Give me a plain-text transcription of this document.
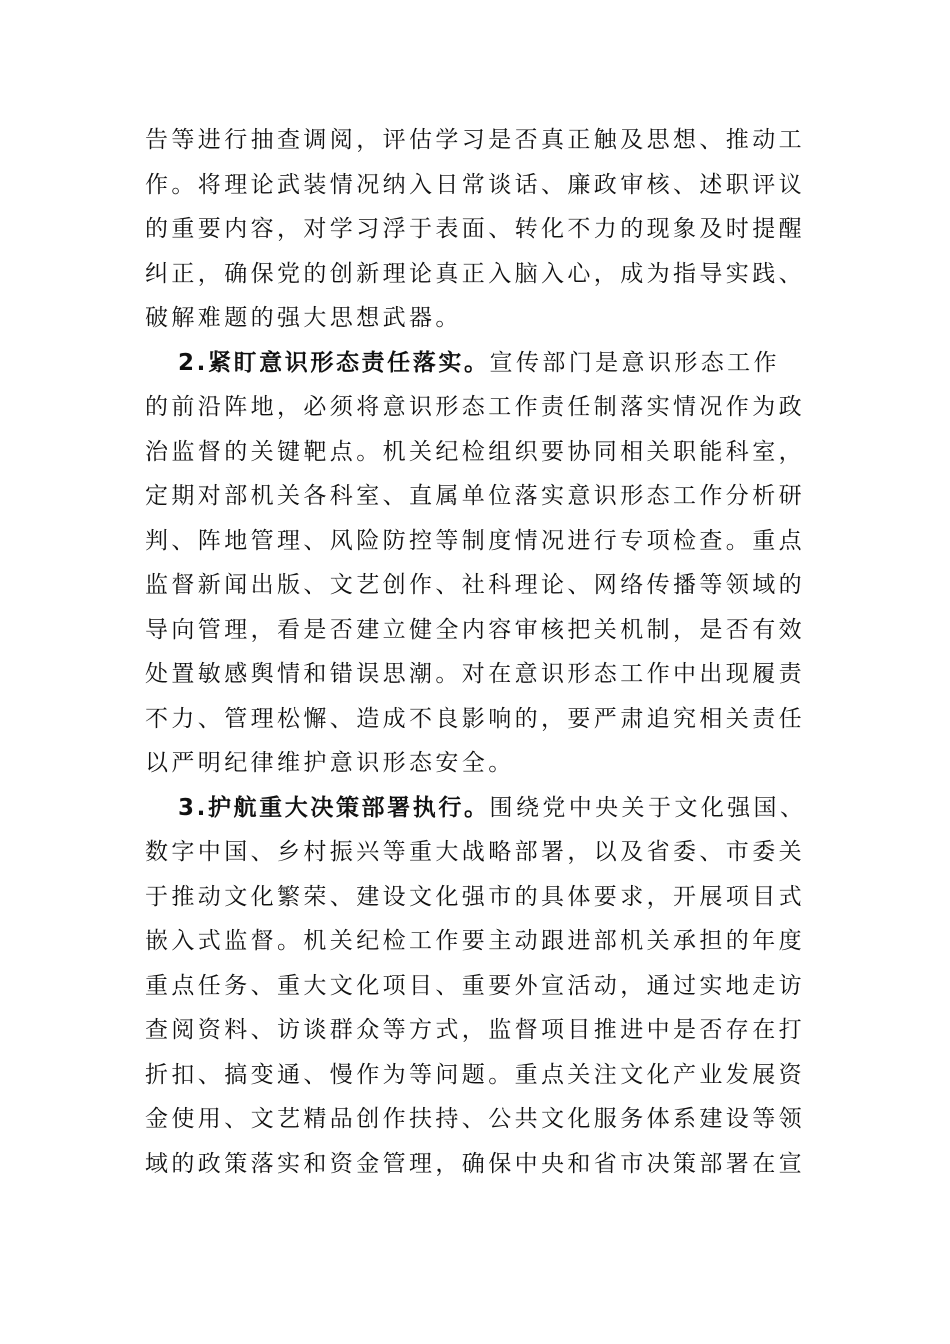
告等进行抽查调阅，评估学习是否真正触及思想、推动工
作。将理论武装情况纳入日常谈话、廉政审核、述职评议
的重要内容，对学习浮于表面、转化不力的现象及时提醒
纠正，确保党的创新理论真正入脑入心，成为指导实践、
破解难题的强大思想武器。
2.紧盯意识形态责任落实。宣传部门是意识形态工作
的前沿阵地，必须将意识形态工作责任制落实情况作为政
治监督的关键靶点。机关纪检组织要协同相关职能科室，
定期对部机关各科室、直属单位落实意识形态工作分析研
判、阵地管理、风险防控等制度情况进行专项检查。重点
监督新闻出版、文艺创作、社科理论、网络传播等领域的
导向管理，看是否建立健全内容审核把关机制，是否有效
处置敏感舆情和错误思潮。对在意识形态工作中出现履责
不力、管理松懈、造成不良影响的，要严肃追究相关责任
以严明纪律维护意识形态安全。
3.护航重大决策部署执行。围绕党中央关于文化强国、
数字中国、乡村振兴等重大战略部署，以及省委、市委关
于推动文化繁荣、建设文化强市的具体要求，开展项目式
嵌入式监督。机关纪检工作要主动跟进部机关承担的年度
重点任务、重大文化项目、重要外宣活动，通过实地走访
查阅资料、访谈群众等方式，监督项目推进中是否存在打
折扣、搞变通、慢作为等问题。重点关注文化产业发展资
金使用、文艺精品创作扶持、公共文化服务体系建设等领
域的政策落实和资金管理，确保中央和省市决策部署在宣
